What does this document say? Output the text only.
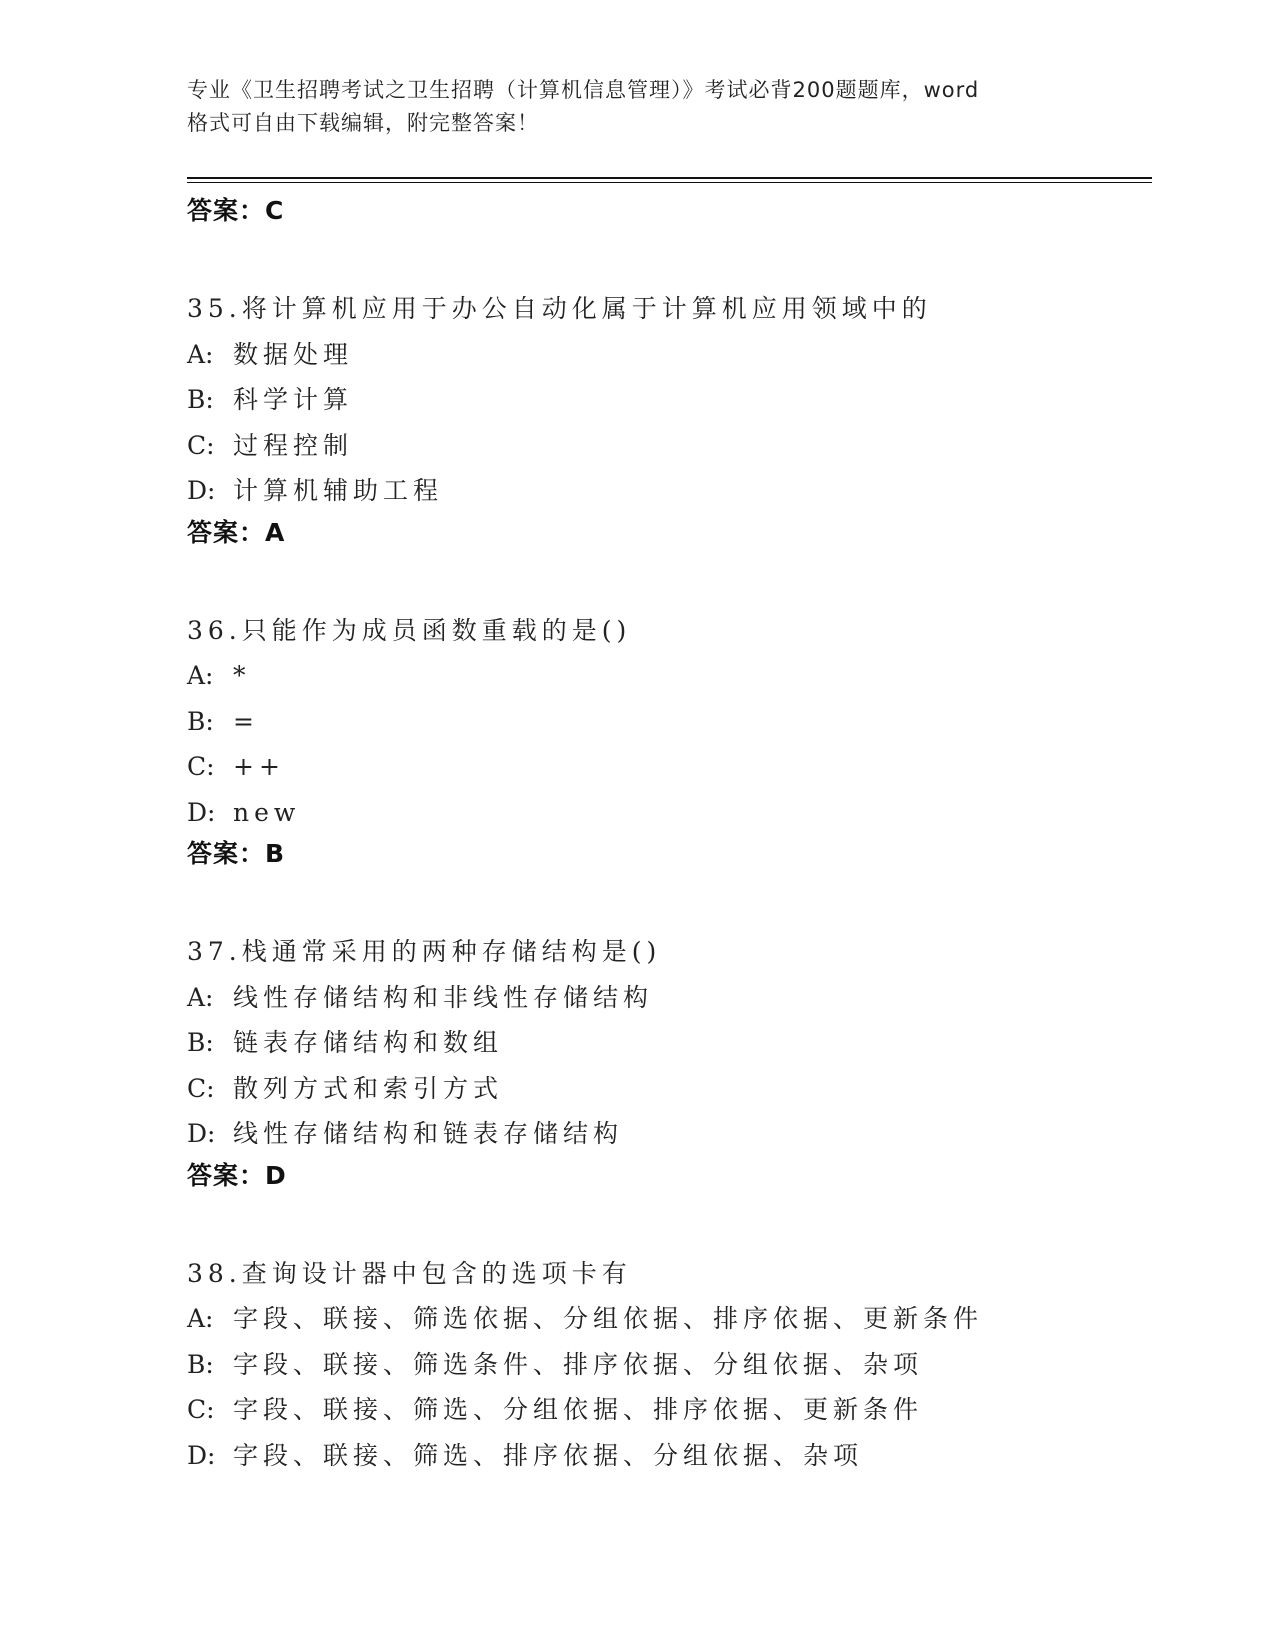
专业《卫生招聘考试之卫生招聘（计算机信息管理）》考试必背200题题库，word
格式可自由下载编辑，附完整答案！
答案：C
35.将计算机应用于办公自动化属于计算机应用领域中的
A: 数据处理
B: 科学计算
C: 过程控制
D: 计算机辅助工程
答案：A
36.只能作为成员函数重载的是()
A: *
B: =
C: ++
D: new
答案：B
37.栈通常采用的两种存储结构是()
A: 线性存储结构和非线性存储结构
B: 链表存储结构和数组
C: 散列方式和索引方式
D: 线性存储结构和链表存储结构
答案：D
38.查询设计器中包含的选项卡有
A: 字段、联接、筛选依据、分组依据、排序依据、更新条件
B: 字段、联接、筛选条件、排序依据、分组依据、杂项
C: 字段、联接、筛选、分组依据、排序依据、更新条件
D: 字段、联接、筛选、排序依据、分组依据、杂项
